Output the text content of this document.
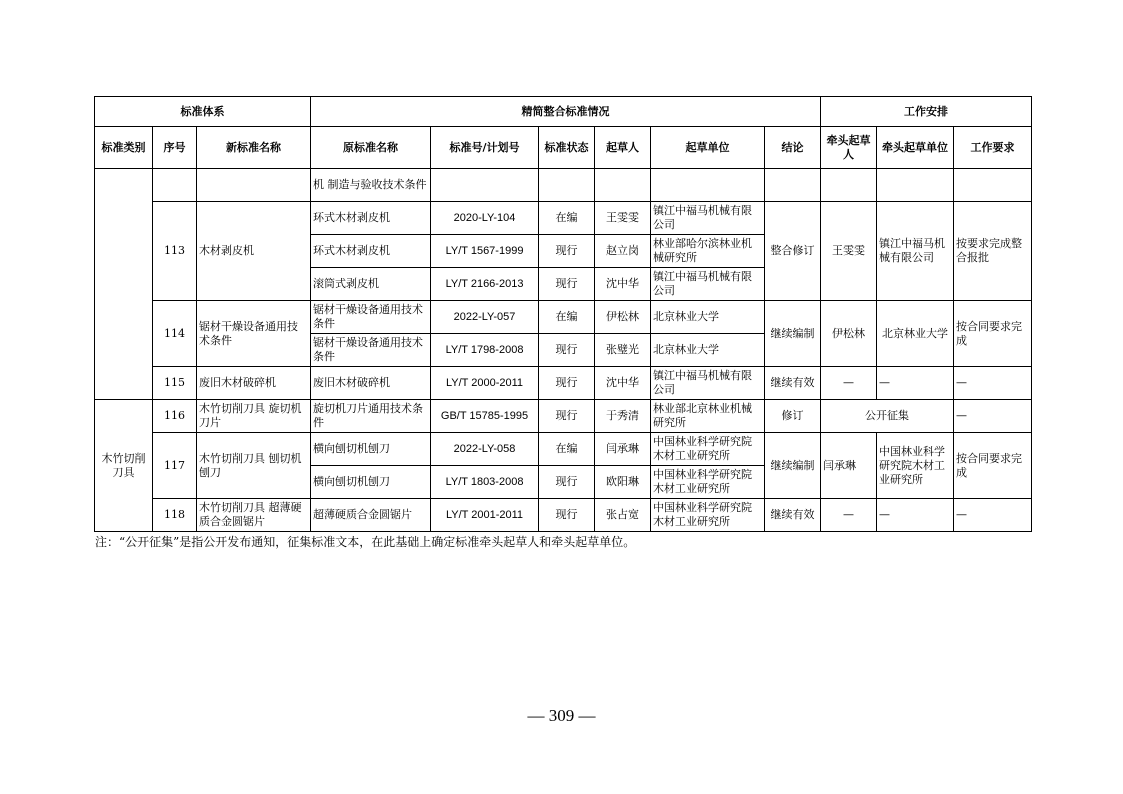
标准体系			精简整合标准情况						工作安排		
标准类别	序号	新标准名称	原标准名称	标准号/计划号	标准状态	起草人	起草单位	结论	牵头起草人	牵头起草单位	工作要求
			机 制造与验收技术条件								
	113	木材剥皮机	环式木材剥皮机	2020-LY-104	在编	王雯雯	镇江中福马机械有限公司	整合修订	王雯雯	镇江中福马机械有限公司	按要求完成整合报批
			环式木材剥皮机	LY/T 1567-1999	现行	赵立岗	林业部哈尔滨林业机械研究所				
			滚筒式剥皮机	LY/T 2166-2013	现行	沈中华	镇江中福马机械有限公司				
	114	锯材干燥设备通用技术条件	锯材干燥设备通用技术条件	2022-LY-057	在编	伊松林	北京林业大学	继续编制	伊松林	北京林业大学	按合同要求完成
			锯材干燥设备通用技术条件	LY/T 1798-2008	现行	张璧光	北京林业大学				
	115	废旧木材破碎机	废旧木材破碎机	LY/T 2000-2011	现行	沈中华	镇江中福马机械有限公司	继续有效	—	—	—
木竹切削刀具	116	木竹切削刀具 旋切机刀片	旋切机刀片通用技术条件	GB/T 15785-1995	现行	于秀清	林业部北京林业机械研究所	修订	公开征集		—
	117	木竹切削刀具 刨切机刨刀	横向刨切机刨刀	2022-LY-058	在编	闫承琳	中国林业科学研究院木材工业研究所	继续编制	闫承琳	中国林业科学研究院木材工业研究所	按合同要求完成
			横向刨切机刨刀	LY/T 1803-2008	现行	欧阳琳	中国林业科学研究院木材工业研究所				
	118	木竹切削刀具 超薄硬质合金圆锯片	超薄硬质合金圆锯片	LY/T 2001-2011	现行	张占宽	中国林业科学研究院木材工业研究所	继续有效	—	—	—
注：“公开征集”是指公开发布通知，征集标准文本，在此基础上确定标准牵头起草人和牵头起草单位。
— 309 —
